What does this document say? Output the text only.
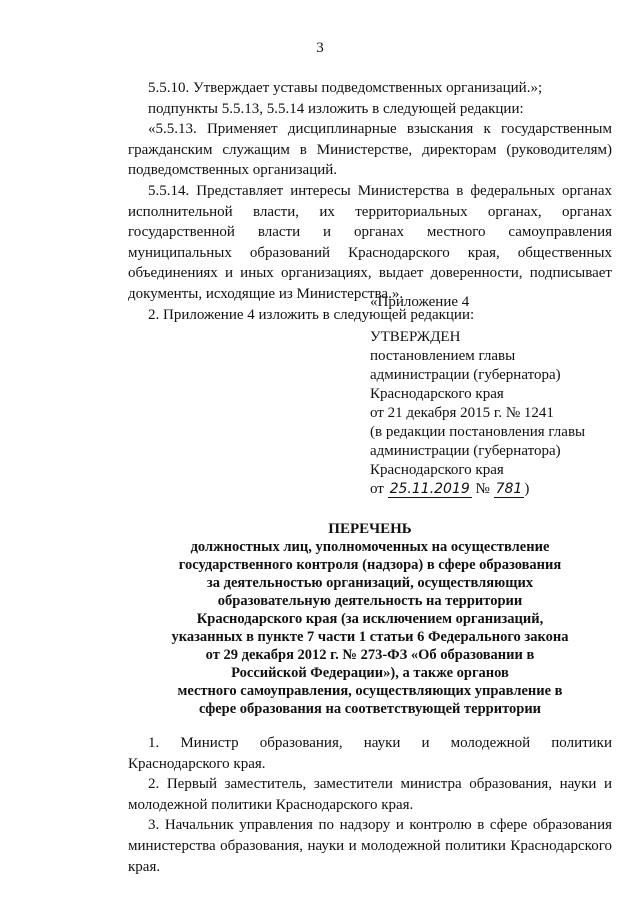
3

5.5.10. Утверждает уставы подведомственных организаций.»;

подпункты 5.5.13, 5.5.14 изложить в следующей редакции:

«5.5.13. Применяет дисциплинарные взыскания к государственным гражданским служащим в Министерстве, директорам (руководителям) подведомственных организаций.

5.5.14. Представляет интересы Министерства в федеральных органах исполнительной власти, их территориальных органах, органах государственной власти и органах местного самоуправления муниципальных образований Краснодарского края, общественных объединениях и иных организациях, выдает доверенности, подписывает документы, исходящие из Министерства.».

2. Приложение 4 изложить в следующей редакции:

«Приложение 4
УТВЕРЖДЕН
постановлением главы
администрации (губернатора)
Краснодарского края
от 21 декабря 2015 г. № 1241
(в редакции постановления главы
администрации (губернатора)
Краснодарского края
от 25.11.2019 № 781 )
ПЕРЕЧЕНЬ
должностных лиц, уполномоченных на осуществление
государственного контроля (надзора) в сфере образования
за деятельностью организаций, осуществляющих
образовательную деятельность на территории
Краснодарского края (за исключением организаций,
указанных в пункте 7 части 1 статьи 6 Федерального закона
от 29 декабря 2012 г. № 273-ФЗ «Об образовании в
Российской Федерации»), а также органов
местного самоуправления, осуществляющих управление в
сфере образования на соответствующей территории

1. Министр образования, науки и молодежной политики Краснодарского края.

2. Первый заместитель, заместители министра образования, науки и молодежной политики Краснодарского края.

3. Начальник управления по надзору и контролю в сфере образования министерства образования, науки и молодежной политики Краснодарского края.
